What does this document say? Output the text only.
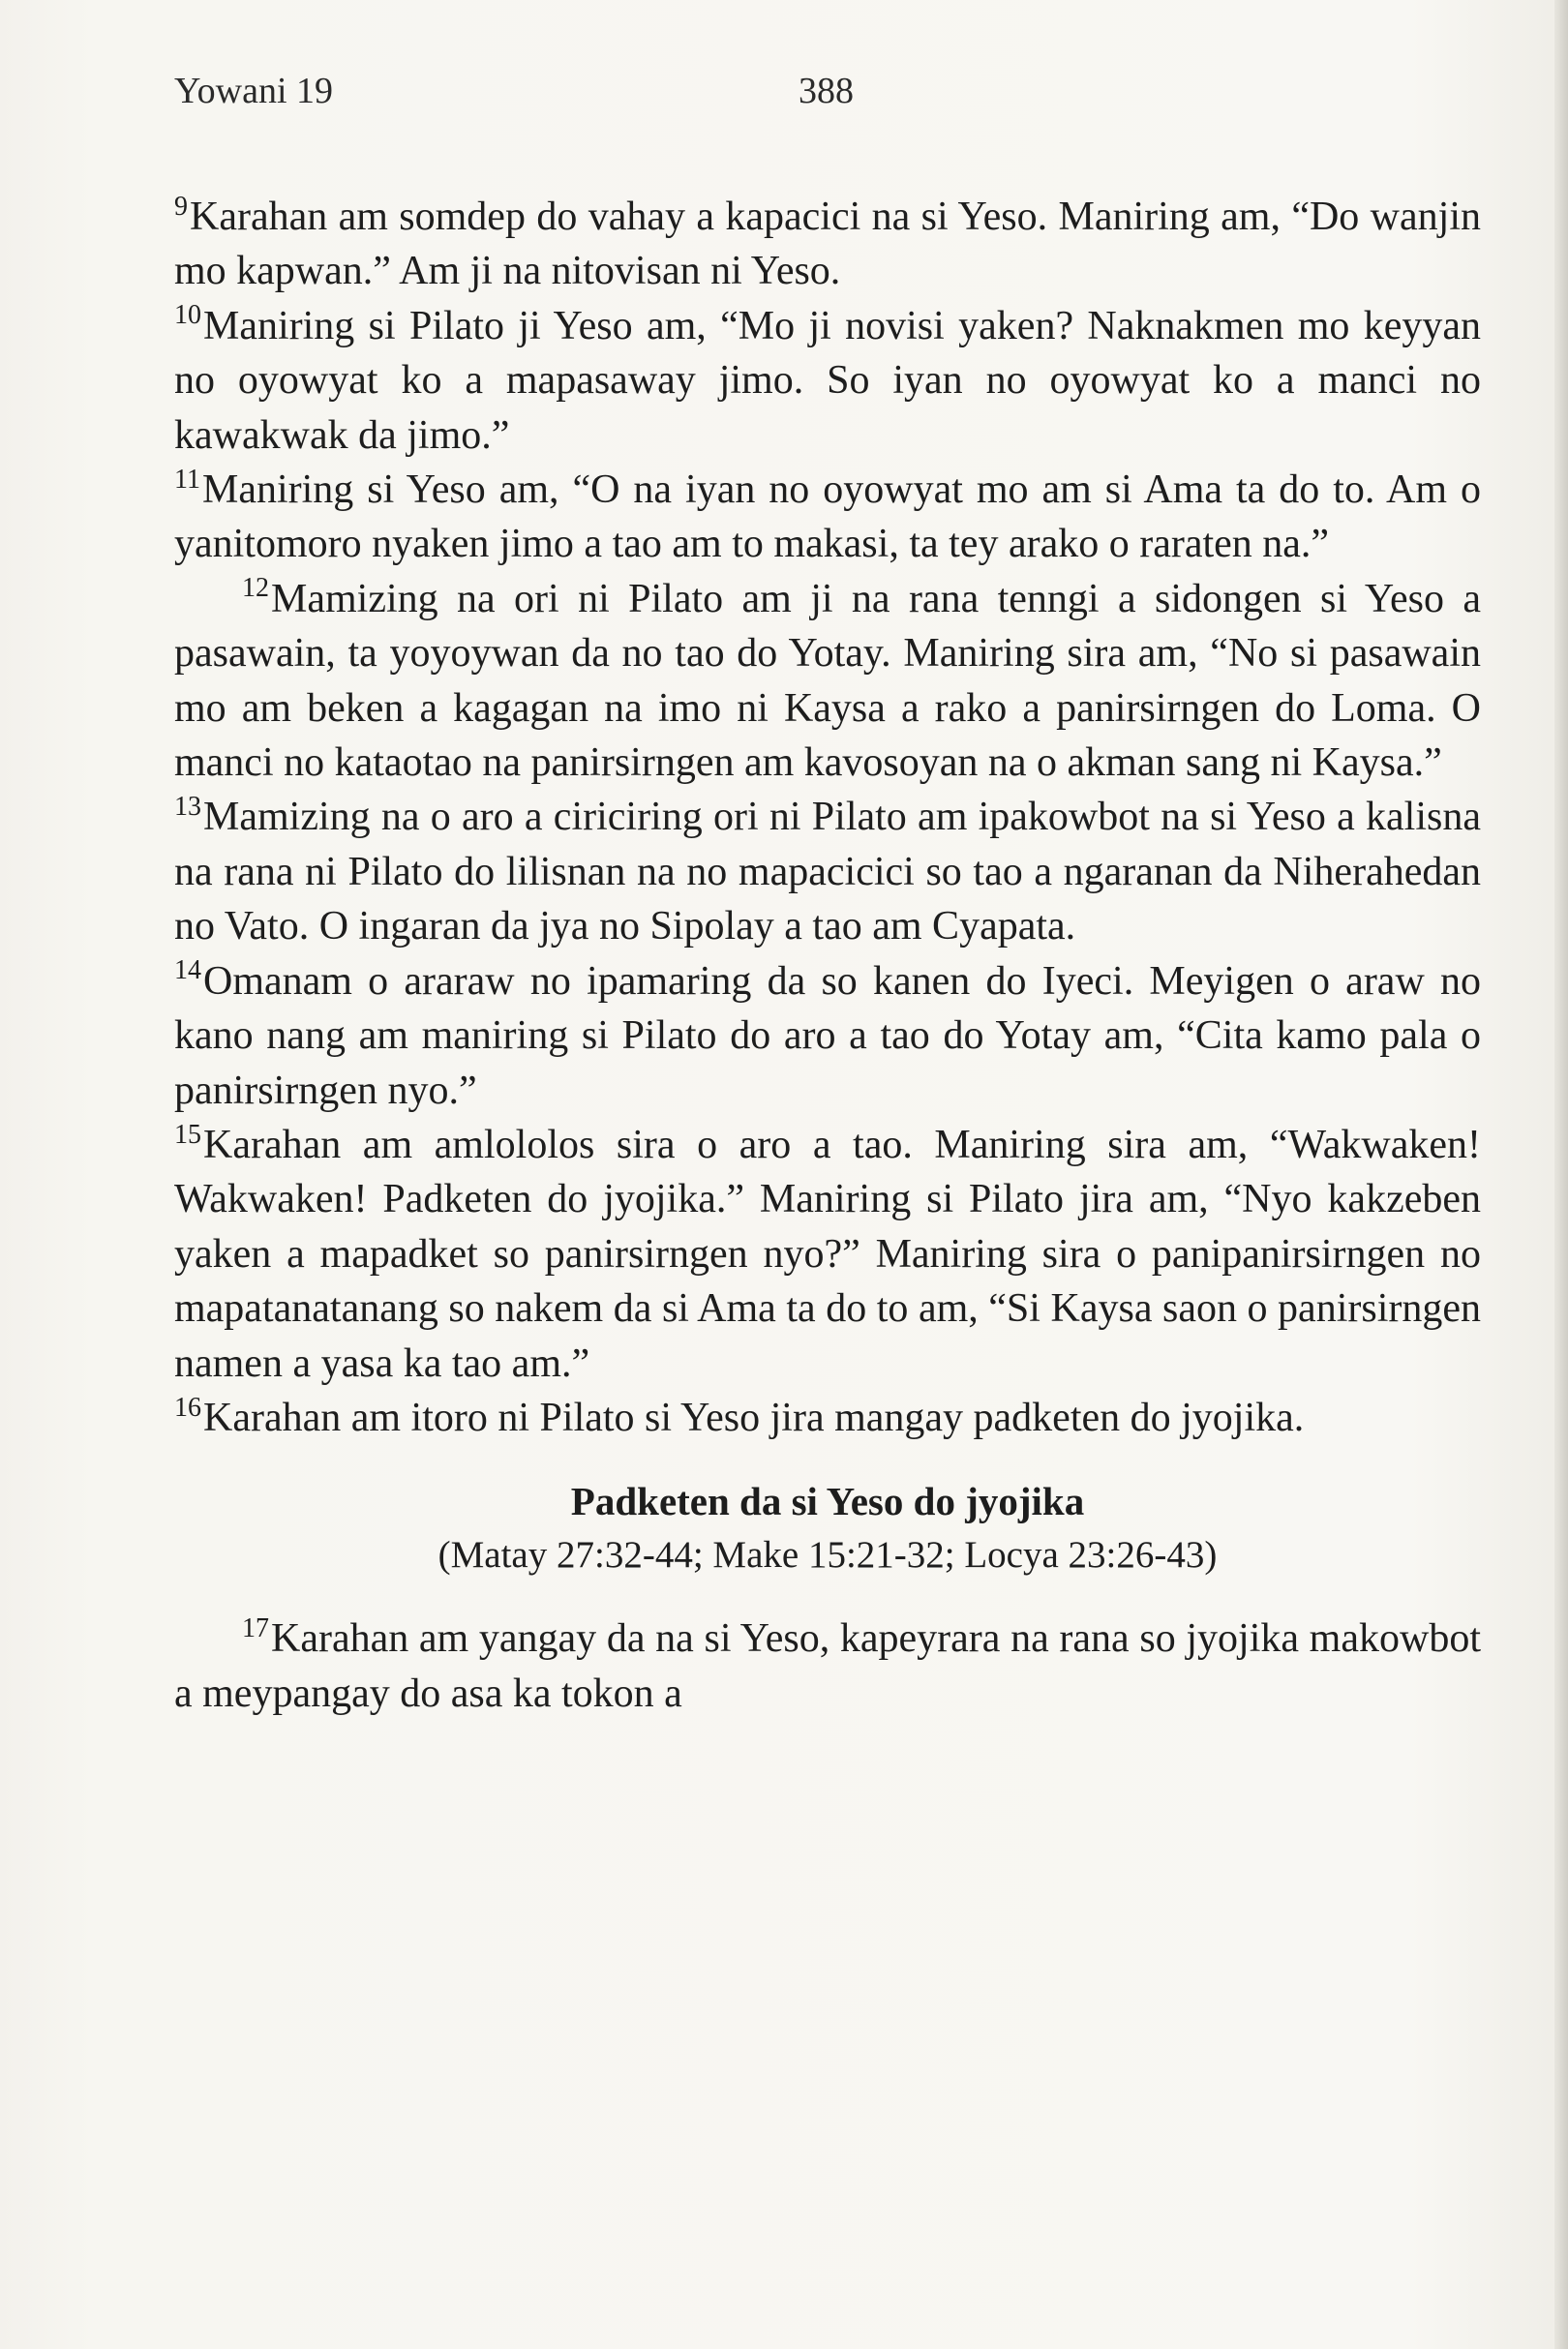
Yowani 19	388

$^9$Karahan am somdep do vahay a kapacici na si Yeso. Maniring am, “Do wanjin mo kapwan.” Am ji na nitovisan ni Yeso.

$^{10}$Maniring si Pilato ji Yeso am, “Mo ji novisi yaken? Naknakmen mo keyyan no oyowyat ko a mapasaway jimo. So iyan no oyowyat ko a manci no kawakwak da jimo.”

$^{11}$Maniring si Yeso am, “O na iyan no oyowyat mo am si Ama ta do to. Am o yanitomoro nyaken jimo a tao am to makasi, ta tey arako o raraten na.”

$^{12}$Mamizing na ori ni Pilato am ji na rana tenngi a sidongen si Yeso a pasawain, ta yoyoywan da no tao do Yotay. Maniring sira am, “No si pasawain mo am beken a kagagan na imo ni Kaysa a rako a panirsirngen do Loma. O manci no kataotao na panirsirngen am kavosoyan na o akman sang ni Kaysa.”

$^{13}$Mamizing na o aro a ciriciring ori ni Pilato am ipakowbot na si Yeso a kalisna na rana ni Pilato do lilisnan na no mapacicici so tao a ngaranan da Niherahedan no Vato. O ingaran da jya no Sipolay a tao am Cyapata.

$^{14}$Omanam o araraw no ipamaring da so kanen do Iyeci. Meyigen o araw no kano nang am maniring si Pilato do aro a tao do Yotay am, “Cita kamo pala o panirsirngen nyo.”

$^{15}$Karahan am amlololos sira o aro a tao. Maniring sira am, “Wakwaken! Wakwaken! Padketen do jyojika.” Maniring si Pilato jira am, “Nyo kakzeben yaken a mapadket so panirsirngen nyo?” Maniring sira o panipanirsirngen no mapatanatanang so nakem da si Ama ta do to am, “Si Kaysa saon o panirsirngen namen a yasa ka tao am.”

$^{16}$Karahan am itoro ni Pilato si Yeso jira mangay padketen do jyojika.

Padketen da si Yeso do jyojika
(Matay 27:32-44; Make 15:21-32; Locya 23:26-43)

$^{17}$Karahan am yangay da na si Yeso, kapeyrara na rana so jyojika makowbot a meypangay do asa ka tokon a
